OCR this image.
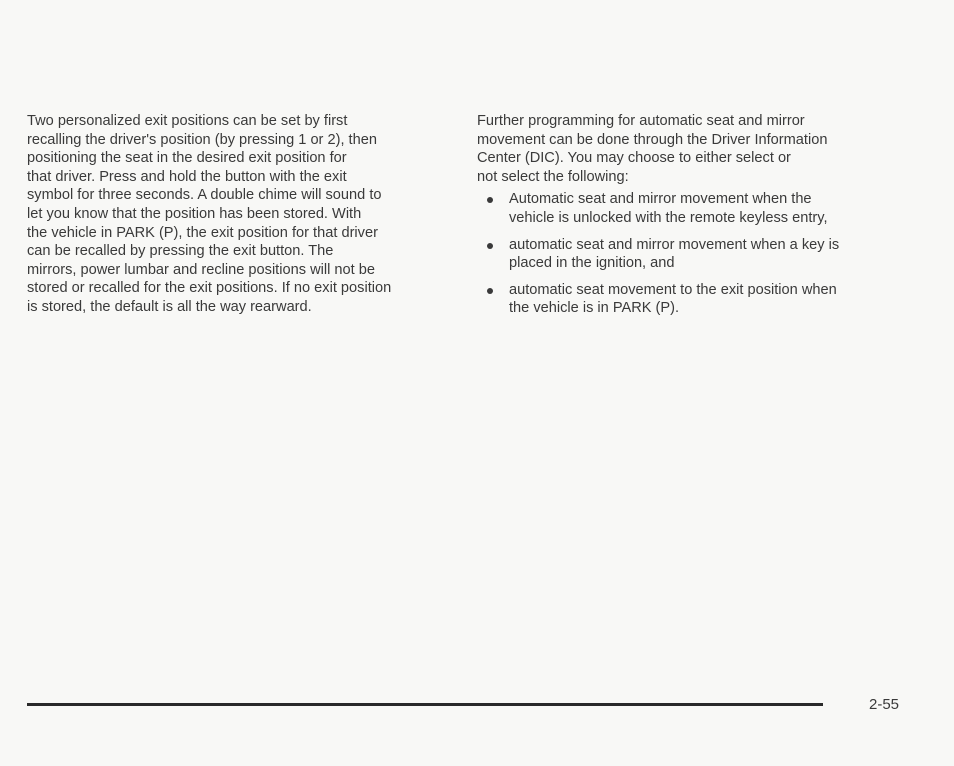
Two personalized exit positions can be set by first
recalling the driver's position (by pressing 1 or 2), then
positioning the seat in the desired exit position for
that driver. Press and hold the button with the exit
symbol for three seconds. A double chime will sound to
let you know that the position has been stored. With
the vehicle in PARK (P), the exit position for that driver
can be recalled by pressing the exit button. The
mirrors, power lumbar and recline positions will not be
stored or recalled for the exit positions. If no exit position
is stored, the default is all the way rearward.

Further programming for automatic seat and mirror
movement can be done through the Driver Information
Center (DIC). You may choose to either select or
not select the following:

Automatic seat and mirror movement when the
vehicle is unlocked with the remote keyless entry,
automatic seat and mirror movement when a key is
placed in the ignition, and
automatic seat movement to the exit position when
the vehicle is in PARK (P).
2-55
